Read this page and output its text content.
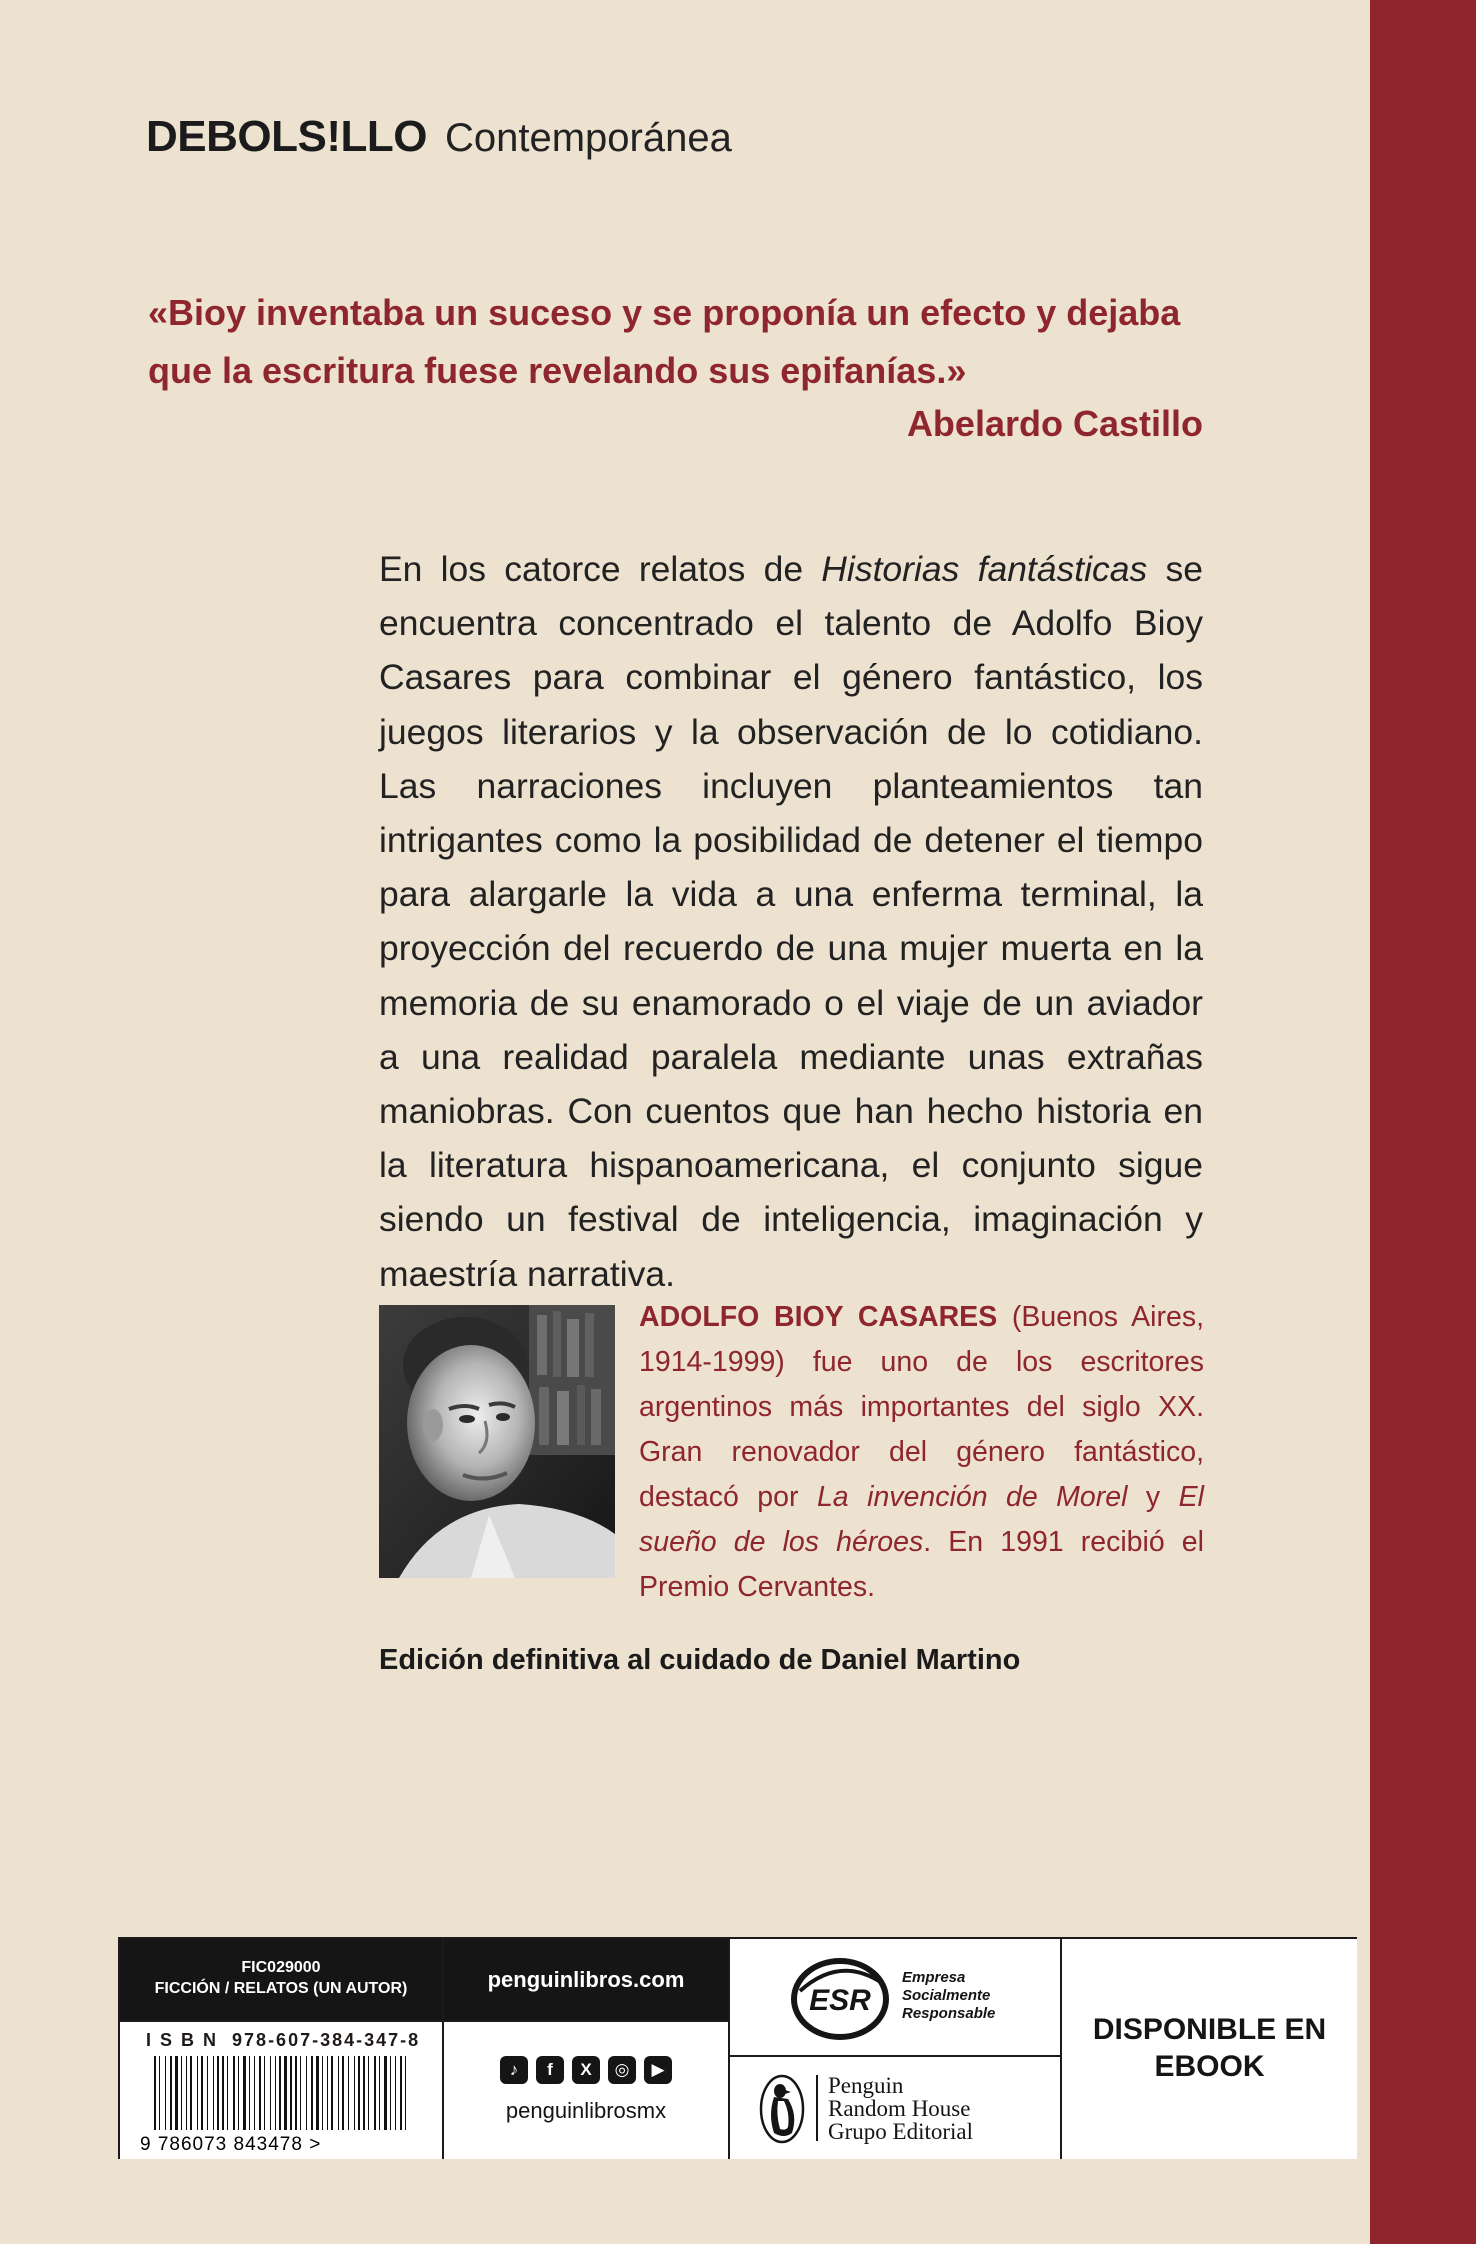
DEBOLS!LLO Contemporánea
«Bioy inventaba un suceso y se proponía un efecto y dejaba que la escritura fuese revelando sus epifanías.»
Abelardo Castillo
En los catorce relatos de Historias fantásticas se encuentra concentrado el talento de Adolfo Bioy Casares para combinar el género fantástico, los juegos literarios y la observación de lo cotidiano. Las narraciones incluyen planteamientos tan intrigantes como la posibilidad de detener el tiempo para alargarle la vida a una enferma terminal, la proyección del recuerdo de una mujer muerta en la memoria de su enamorado o el viaje de un aviador a una realidad paralela mediante unas extrañas maniobras. Con cuentos que han hecho historia en la literatura hispanoamericana, el conjunto sigue siendo un festival de inteligencia, imaginación y maestría narrativa.
ADOLFO BIOY CASARES (Buenos Aires, 1914-1999) fue uno de los escritores argentinos más importantes del siglo XX. Gran renovador del género fantástico, destacó por La invención de Morel y El sueño de los héroes. En 1991 recibió el Premio Cervantes.
Edición definitiva al cuidado de Daniel Martino
FIC029000
FICCIÓN / RELATOS (UN AUTOR)
I S B N 978-607-384-347-8
9 786073 843478 >
penguinlibros.com
♪	f	X	◎	▶
penguinlibrosmx
ESR
Empresa
Socialmente
Responsable
Penguin
Random House
Grupo Editorial
DISPONIBLE EN
EBOOK
